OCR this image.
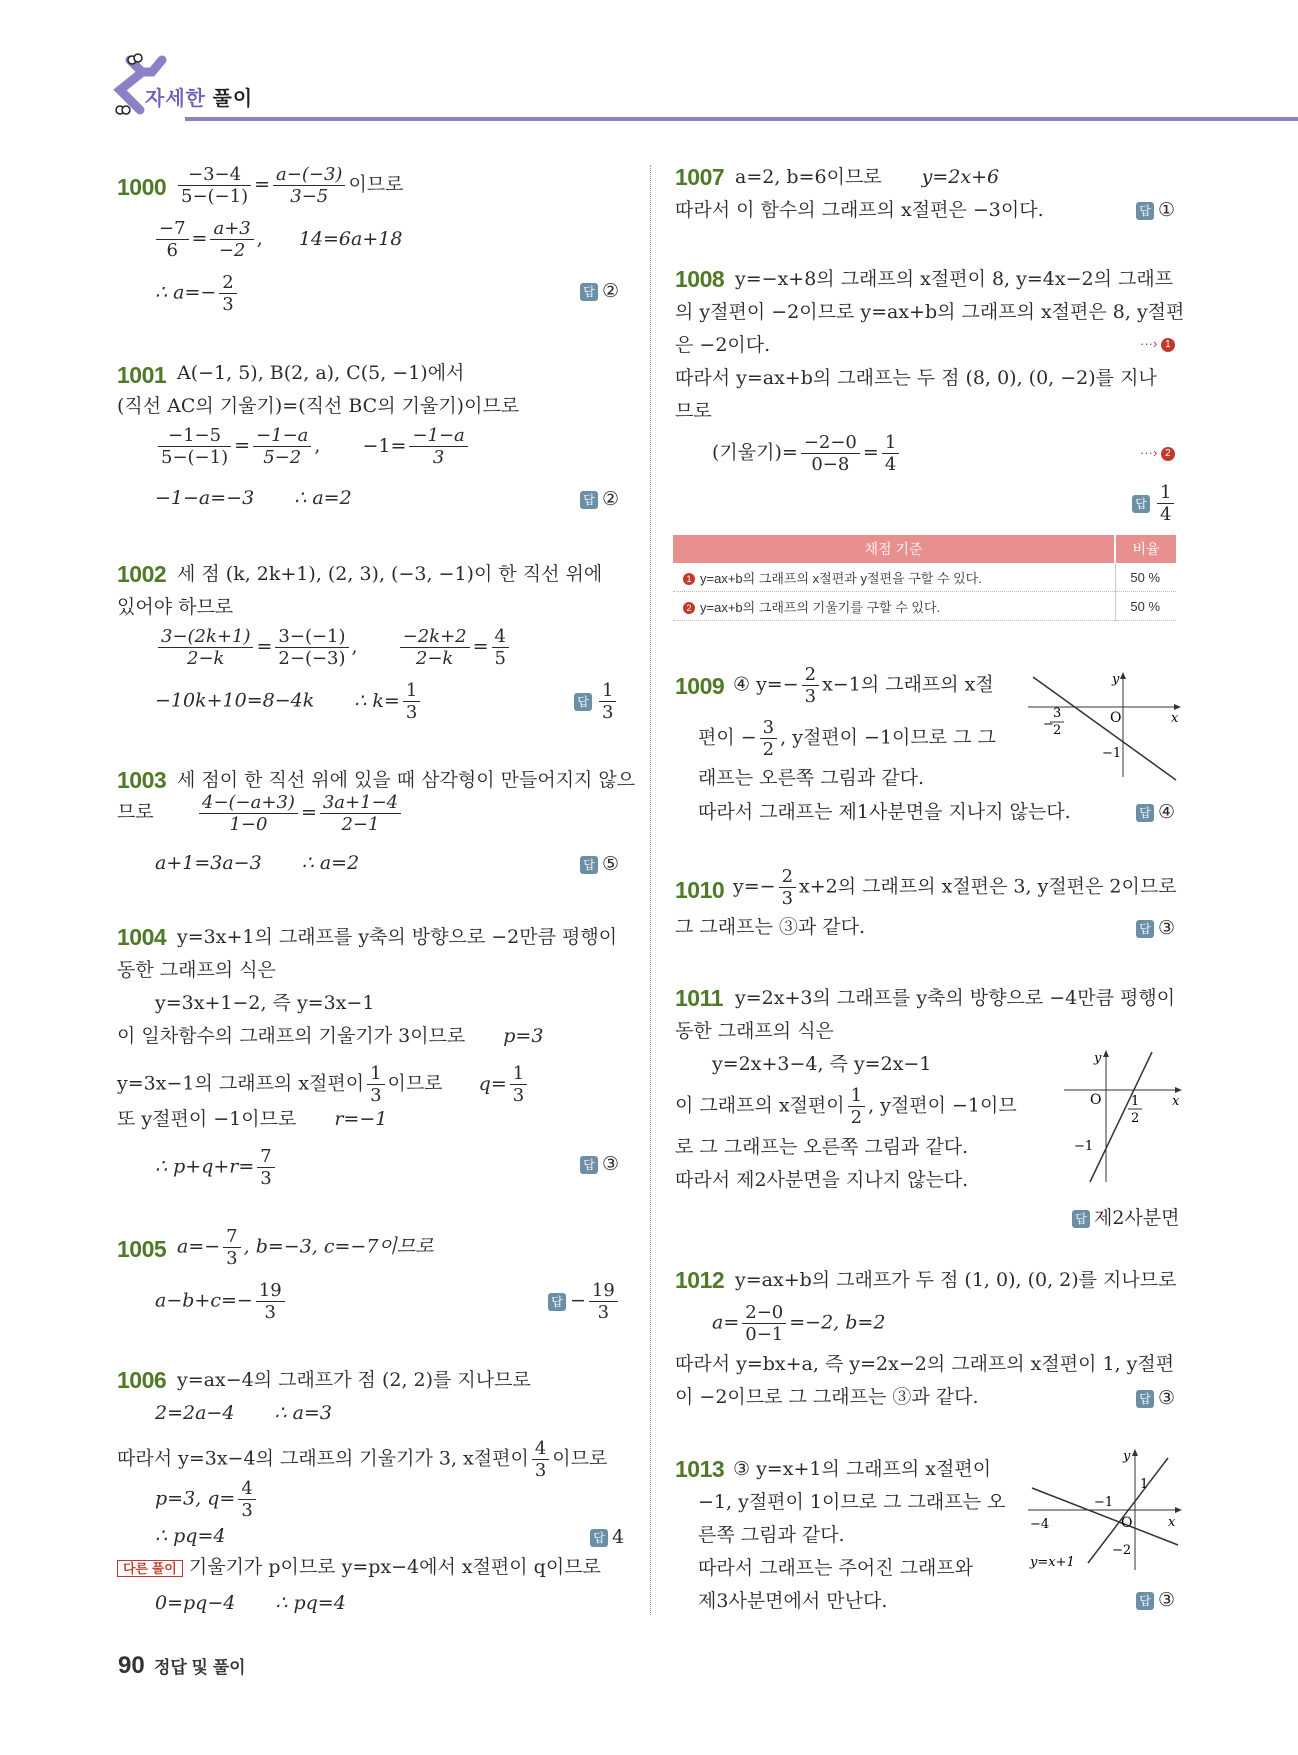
자세한 풀이
$1000 \frac{-3-4}{5-(-1)} = \frac{a-(-3)}{3-5}$ 이므로
$\frac{-7}{6} = \frac{a+3}{-2}$ , 14=6a+18
∴ $a=- \frac{2}{3}$	답 ②
1001 A(−1, 5), B(2, a), C(5, −1)에서
(직선 AC의 기울기)=(직선 BC의 기울기)이므로
$\frac{-1-5}{5-(-1)} = \frac{-1-a}{5-2}$ , $-1= \frac{-1-a}{3}$
−1−a=−3 ∴ a=2	답 ②
1002 세 점 (k, 2k+1), (2, 3), (−3, −1)이 한 직선 위에
있어야 하므로
$\frac{3-(2k+1)}{2-k} = \frac{3-(-1)}{2-(-3)}$ , $\frac{-2k+2}{2-k} = \frac{4}{5}$
−10k+10=8−4k ∴ $k= \frac{1}{3}$	답 $\frac{1}{3}$
1003 세 점이 한 직선 위에 있을 때 삼각형이 만들어지지 않으
므로	$\frac{4-(-a+3)}{1-0} = \frac{3a+1-4}{2-1}$
a+1=3a−3 ∴ a=2	답 ⑤
1004 y=3x+1의 그래프를 y축의 방향으로 −2만큼 평행이
동한 그래프의 식은
y=3x+1−2, 즉 y=3x−1
이 일차함수의 그래프의 기울기가 3이므로 p=3
y=3x−1의 그래프의 x절편이 $\frac{1}{3}$ 이므로 $q= \frac{1}{3}$
또 y절편이 −1이므로 r=−1
∴ $p+q+r= \frac{7}{3}$	답 ③
1005 $a=- \frac{7}{3}$ , b=−3, c=−7이므로
$a-b+c=- \frac{19}{3}$	답 − $\frac{19}{3}$
1006 y=ax−4의 그래프가 점 (2, 2)를 지나므로
2=2a−4 ∴ a=3
따라서 y=3x−4의 그래프의 기울기가 3, x절편이 $\frac{4}{3}$ 이므로
p=3, $q= \frac{4}{3}$
∴ pq=4	답 4
다른 풀이 기울기가 p이므로 y=px−4에서 x절편이 q이므로
0=pq−4 ∴ pq=4
1007 a=2, b=6이므로 y=2x+6
따라서 이 함수의 그래프의 x절편은 −3이다.	답 ①
1008 y=−x+8의 그래프의 x절편이 8, y=4x−2의 그래프
의 y절편이 −2이므로 y=ax+b의 그래프의 x절편은 8, y절편
은 −2이다.	···› 1
따라서 y=ax+b의 그래프는 두 점 (8, 0), (0, −2)를 지나
므로
(기울기)= $\frac{-2-0}{0-8} = \frac{1}{4}$	···› 2
답 $\frac{1}{4}$
채점 기준	비율
1 y=ax+b의 그래프의 x절편과 y절편을 구할 수 있다.	50 %
2 y=ax+b의 그래프의 기울기를 구할 수 있다.	50 %
1009 ④ $y=- \frac{2}{3} x-1$의 그래프의 x절
편이 − $\frac{3}{2}$ , y절편이 −1이므로 그 그
래프는 오른쪽 그림과 같다.
따라서 그래프는 제1사분면을 지나지 않는다.	답 ④
y
x
O
3
2
−
−1
1010 $y=- \frac{2}{3} x+2$의 그래프의 x절편은 3, y절편은 2이므로
그 그래프는 ③과 같다.	답 ③
1011 y=2x+3의 그래프를 y축의 방향으로 −4만큼 평행이
동한 그래프의 식은
y=2x+3−4, 즉 y=2x−1
이 그래프의 x절편이 $\frac{1}{2}$ , y절편이 −1이므
로 그 그래프는 오른쪽 그림과 같다.
따라서 제2사분면을 지나지 않는다.
답 제2사분면
y
x
O 1
2
−1
1012 y=ax+b의 그래프가 두 점 (1, 0), (0, 2)를 지나므로
$a= \frac{2-0}{0-1} =-2$, b=2
따라서 y=bx+a, 즉 y=2x−2의 그래프의 x절편이 1, y절편
이 −2이므로 그 그래프는 ③과 같다.	답 ③
1013 ③ y=x+1의 그래프의 x절편이
−1, y절편이 1이므로 그 그래프는 오
른쪽 그림과 같다.
따라서 그래프는 주어진 그래프와
제3사분면에서 만난다.	답 ③
y
x
O
−1
1
−4
−2
y=x+1
90 정답 및 풀이
